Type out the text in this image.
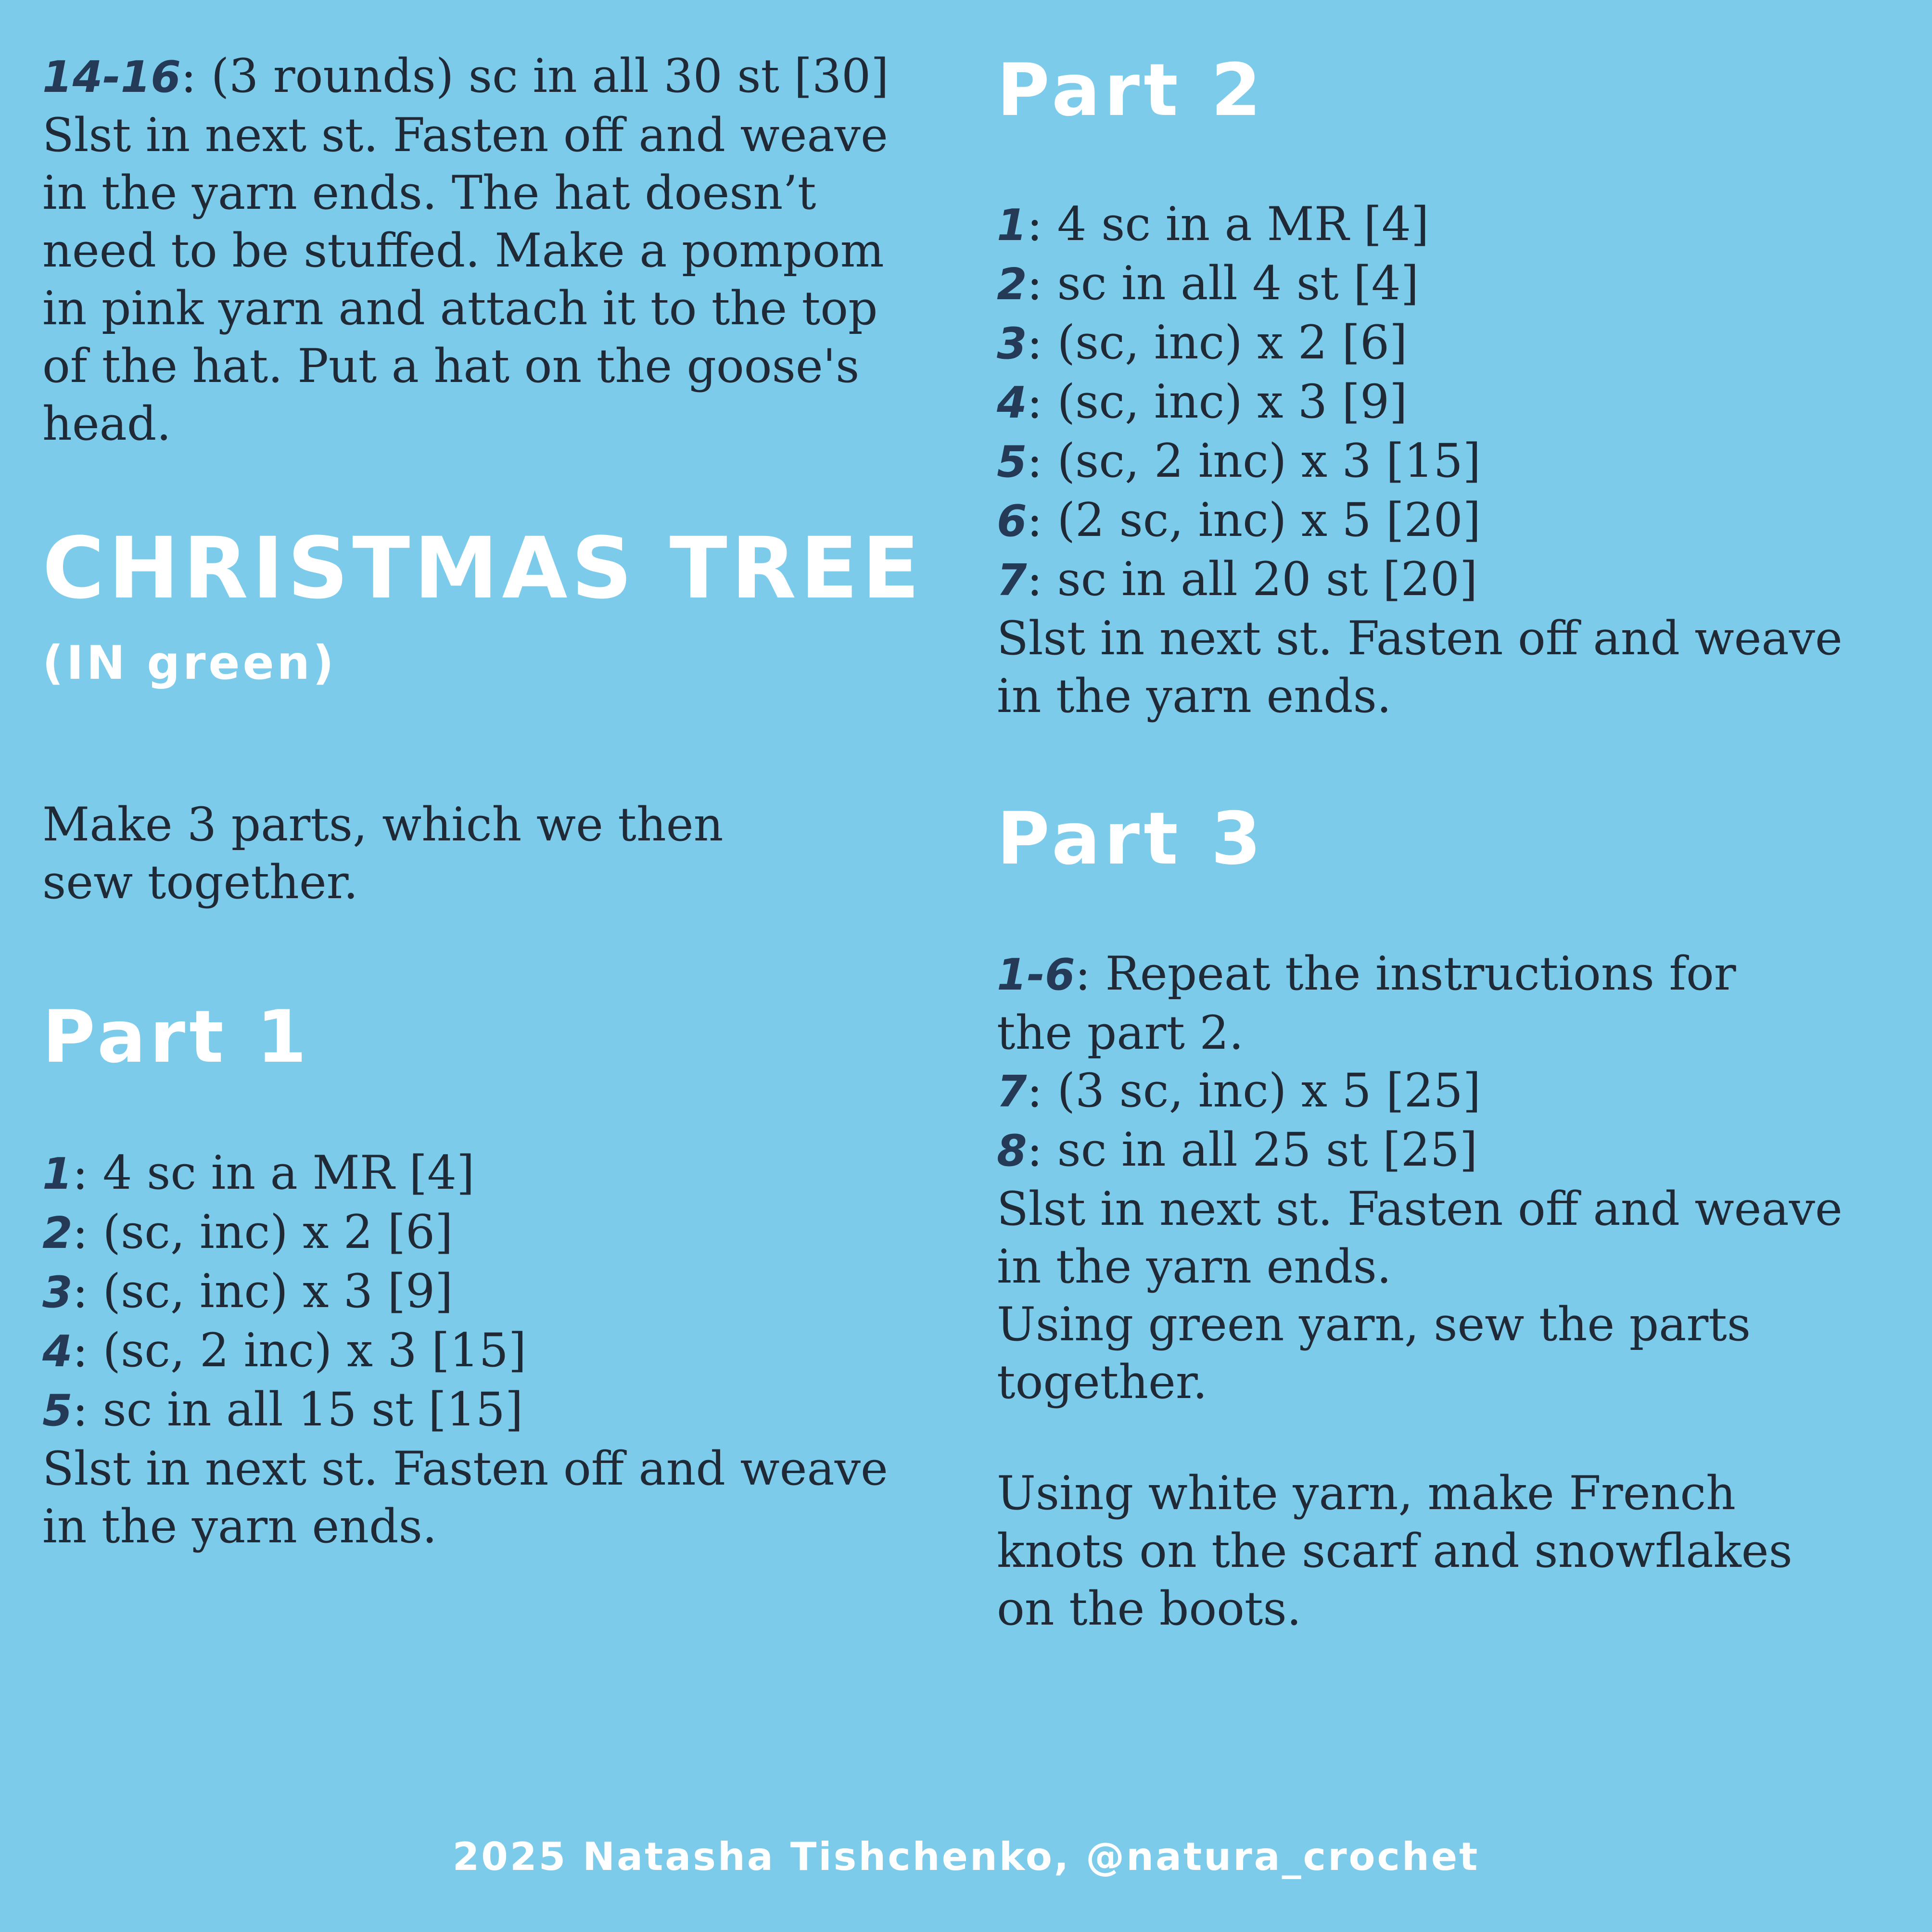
14-16: (3 rounds) sc in all 30 st [30]
Slst in next st. Fasten off and weave
in the yarn ends. The hat doesn’t
need to be stuffed. Make a pompom
in pink yarn and attach it to the top
of the hat. Put a hat on the goose's
head.

CHRISTMAS TREE
(IN green)

Make 3 parts, which we then
sew together.

Part 1

1: 4 sc in a MR [4]
2: (sc, inc) x 2 [6]
3: (sc, inc) x 3 [9]
4: (sc, 2 inc) x 3 [15]
5: sc in all 15 st [15]
Slst in next st. Fasten off and weave
in the yarn ends.

Part 2

1: 4 sc in a MR [4]
2: sc in all 4 st [4]
3: (sc, inc) x 2 [6]
4: (sc, inc) x 3 [9]
5: (sc, 2 inc) x 3 [15]
6: (2 sc, inc) x 5 [20]
7: sc in all 20 st [20]
Slst in next st. Fasten off and weave
in the yarn ends.

Part 3

1-6: Repeat the instructions for
the part 2.
7: (3 sc, inc) x 5 [25]
8: sc in all 25 st [25]
Slst in next st. Fasten off and weave
in the yarn ends.
Using green yarn, sew the parts
together.

Using white yarn, make French
knots on the scarf and snowflakes
on the boots.

2025 Natasha Tishchenko, @natura_crochet
